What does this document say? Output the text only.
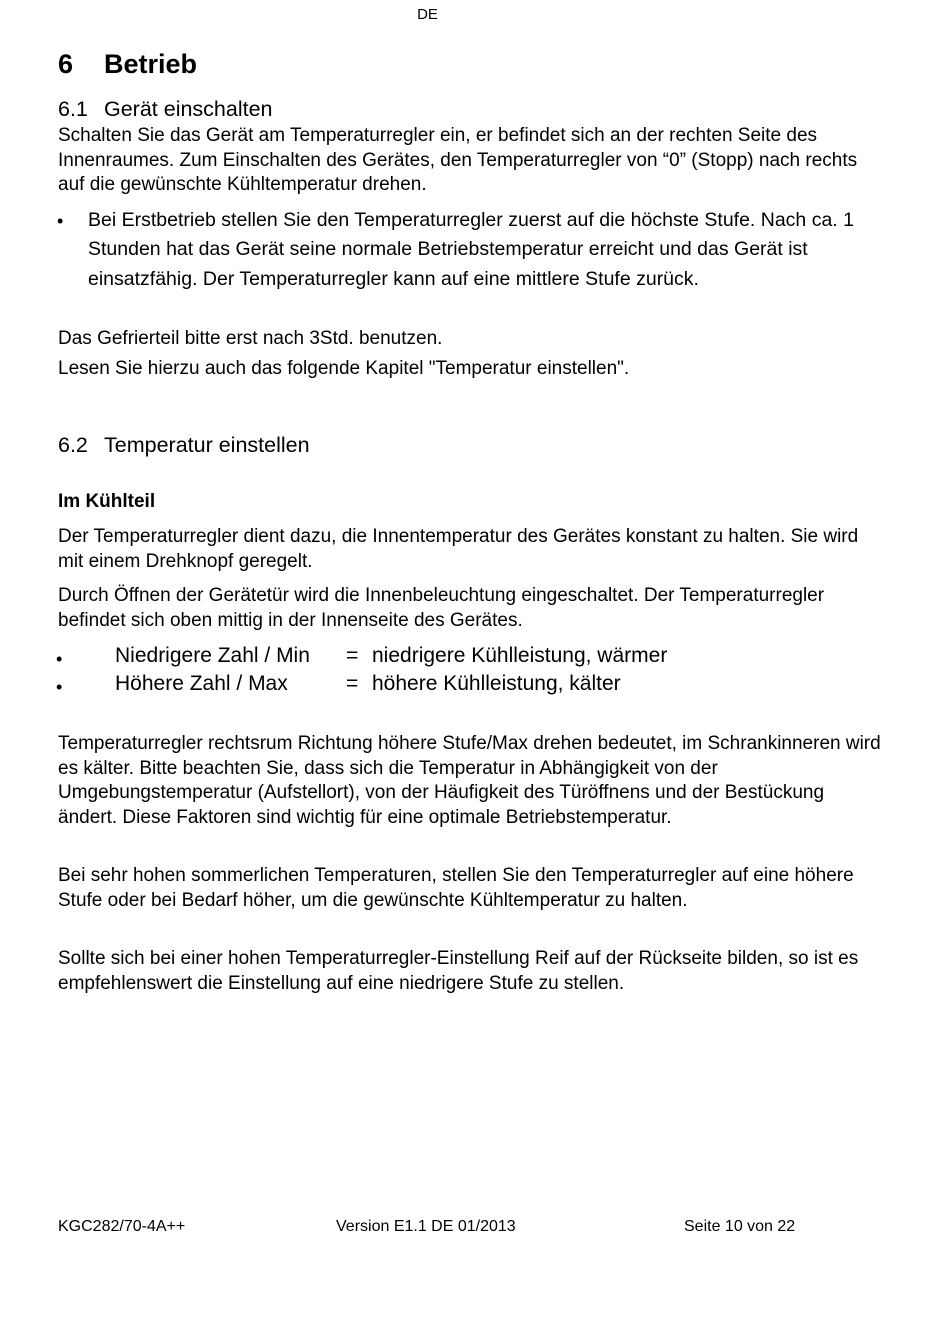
DE
6 Betrieb
6.1 Gerät einschalten
Schalten Sie das Gerät am Temperaturregler ein, er befindet sich an der rechten Seite des Innenraumes. Zum Einschalten des Gerätes, den Temperaturregler von “0” (Stopp) nach rechts auf die gewünschte Kühltemperatur drehen.
• Bei Erstbetrieb stellen Sie den Temperaturregler zuerst auf die höchste Stufe. Nach ca. 1 Stunden hat das Gerät seine normale Betriebstemperatur erreicht und das Gerät ist einsatzfähig. Der Temperaturregler kann auf eine mittlere Stufe zurück.
Das Gefrierteil bitte erst nach 3Std. benutzen.
Lesen Sie hierzu auch das folgende Kapitel "Temperatur einstellen".
6.2 Temperatur einstellen
Im Kühlteil
Der Temperaturregler dient dazu, die Innentemperatur des Gerätes konstant zu halten. Sie wird mit einem Drehknopf geregelt.
Durch Öffnen der Gerätetür wird die Innenbeleuchtung eingeschaltet. Der Temperaturregler befindet sich oben mittig in der Innenseite des Gerätes.
•	Niedrigere Zahl / Min = niedrigere Kühlleistung, wärmer
•	Höhere Zahl / Max	= höhere Kühlleistung, kälter
Temperaturregler rechtsrum Richtung höhere Stufe/Max drehen bedeutet, im Schrankinneren wird es kälter. Bitte beachten Sie, dass sich die Temperatur in Abhängigkeit von der Umgebungstemperatur (Aufstellort), von der Häufigkeit des Türöffnens und der Bestückung ändert. Diese Faktoren sind wichtig für eine optimale Betriebstemperatur.
Bei sehr hohen sommerlichen Temperaturen, stellen Sie den Temperaturregler auf eine höhere Stufe oder bei Bedarf höher, um die gewünschte Kühltemperatur zu halten.
Sollte sich bei einer hohen Temperaturregler-Einstellung Reif auf der Rückseite bilden, so ist es empfehlenswert die Einstellung auf eine niedrigere Stufe zu stellen.
KGC282/70-4A++	Version E1.1 DE 01/2013	Seite 10 von 22
